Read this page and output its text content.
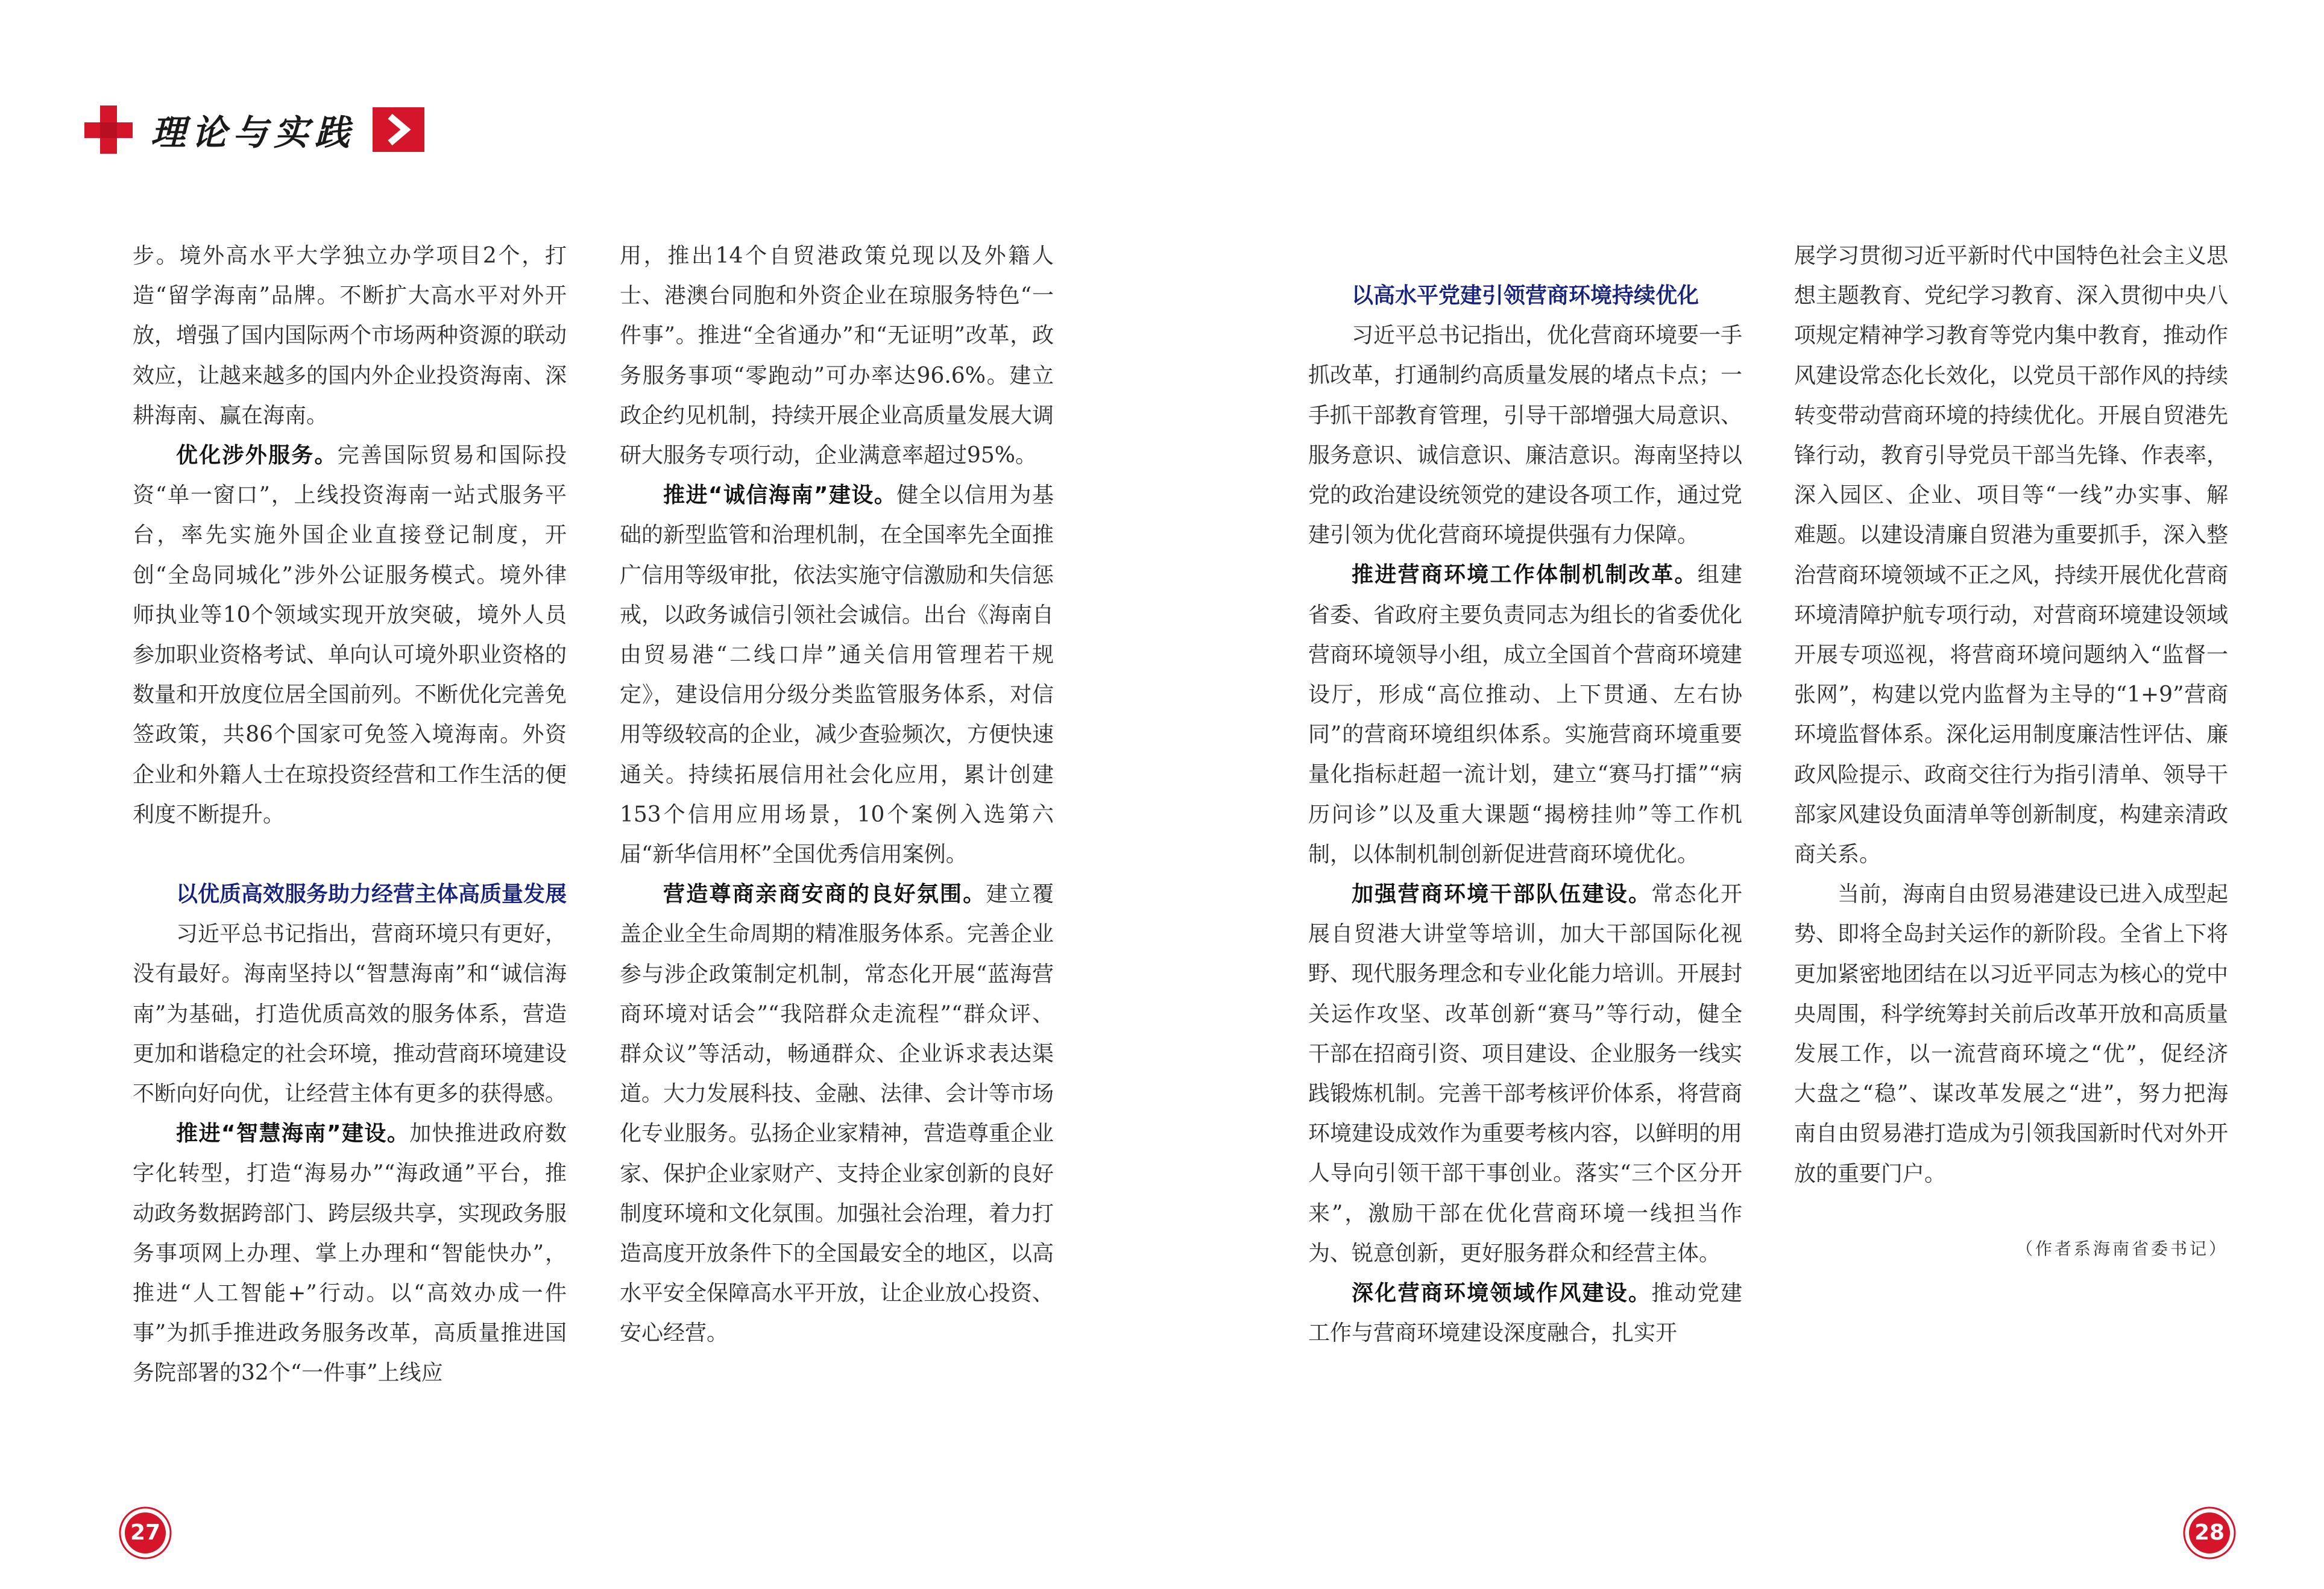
理论与实践

步。境外高水平大学独立办学项目2个，打造“留学海南”品牌。不断扩大高水平对外开放，增强了国内国际两个市场两种资源的联动效应，让越来越多的国内外企业投资海南、深耕海南、赢在海南。

优化涉外服务。完善国际贸易和国际投资“单一窗口”，上线投资海南一站式服务平台，率先实施外国企业直接登记制度，开创“全岛同城化”涉外公证服务模式。境外律师执业等10个领域实现开放突破，境外人员参加职业资格考试、单向认可境外职业资格的数量和开放度位居全国前列。不断优化完善免签政策，共86个国家可免签入境海南。外资企业和外籍人士在琼投资经营和工作生活的便利度不断提升。

以优质高效服务助力经营主体高质量发展

习近平总书记指出，营商环境只有更好，没有最好。海南坚持以“智慧海南”和“诚信海南”为基础，打造优质高效的服务体系，营造更加和谐稳定的社会环境，推动营商环境建设不断向好向优，让经营主体有更多的获得感。

推进“智慧海南”建设。加快推进政府数字化转型，打造“海易办”“海政通”平台，推动政务数据跨部门、跨层级共享，实现政务服务事项网上办理、掌上办理和“智能快办”，推进“人工智能+”行动。以“高效办成一件事”为抓手推进政务服务改革，高质量推进国务院部署的32个“一件事”上线应

用，推出14个自贸港政策兑现以及外籍人士、港澳台同胞和外资企业在琼服务特色“一件事”。推进“全省通办”和“无证明”改革，政务服务事项“零跑动”可办率达96.6%。建立政企约见机制，持续开展企业高质量发展大调研大服务专项行动，企业满意率超过95%。

推进“诚信海南”建设。健全以信用为基础的新型监管和治理机制，在全国率先全面推广信用等级审批，依法实施守信激励和失信惩戒，以政务诚信引领社会诚信。出台《海南自由贸易港“二线口岸”通关信用管理若干规定》，建设信用分级分类监管服务体系，对信用等级较高的企业，减少查验频次，方便快速通关。持续拓展信用社会化应用，累计创建153个信用应用场景，10个案例入选第六届“新华信用杯”全国优秀信用案例。

营造尊商亲商安商的良好氛围。建立覆盖企业全生命周期的精准服务体系。完善企业参与涉企政策制定机制，常态化开展“蓝海营商环境对话会”“我陪群众走流程”“群众评、群众议”等活动，畅通群众、企业诉求表达渠道。大力发展科技、金融、法律、会计等市场化专业服务。弘扬企业家精神，营造尊重企业家、保护企业家财产、支持企业家创新的良好制度环境和文化氛围。加强社会治理，着力打造高度开放条件下的全国最安全的地区，以高水平安全保障高水平开放，让企业放心投资、安心经营。

以高水平党建引领营商环境持续优化

习近平总书记指出，优化营商环境要一手抓改革，打通制约高质量发展的堵点卡点；一手抓干部教育管理，引导干部增强大局意识、服务意识、诚信意识、廉洁意识。海南坚持以党的政治建设统领党的建设各项工作，通过党建引领为优化营商环境提供强有力保障。

推进营商环境工作体制机制改革。组建省委、省政府主要负责同志为组长的省委优化营商环境领导小组，成立全国首个营商环境建设厅，形成“高位推动、上下贯通、左右协同”的营商环境组织体系。实施营商环境重要量化指标赶超一流计划，建立“赛马打擂”“病历问诊”以及重大课题“揭榜挂帅”等工作机制，以体制机制创新促进营商环境优化。

加强营商环境干部队伍建设。常态化开展自贸港大讲堂等培训，加大干部国际化视野、现代服务理念和专业化能力培训。开展封关运作攻坚、改革创新“赛马”等行动，健全干部在招商引资、项目建设、企业服务一线实践锻炼机制。完善干部考核评价体系，将营商环境建设成效作为重要考核内容，以鲜明的用人导向引领干部干事创业。落实“三个区分开来”，激励干部在优化营商环境一线担当作为、锐意创新，更好服务群众和经营主体。

深化营商环境领域作风建设。推动党建工作与营商环境建设深度融合，扎实开

展学习贯彻习近平新时代中国特色社会主义思想主题教育、党纪学习教育、深入贯彻中央八项规定精神学习教育等党内集中教育，推动作风建设常态化长效化，以党员干部作风的持续转变带动营商环境的持续优化。开展自贸港先锋行动，教育引导党员干部当先锋、作表率，深入园区、企业、项目等“一线”办实事、解难题。以建设清廉自贸港为重要抓手，深入整治营商环境领域不正之风，持续开展优化营商环境清障护航专项行动，对营商环境建设领域开展专项巡视，将营商环境问题纳入“监督一张网”，构建以党内监督为主导的“1+9”营商环境监督体系。深化运用制度廉洁性评估、廉政风险提示、政商交往行为指引清单、领导干部家风建设负面清单等创新制度，构建亲清政商关系。

当前，海南自由贸易港建设已进入成型起势、即将全岛封关运作的新阶段。全省上下将更加紧密地团结在以习近平同志为核心的党中央周围，科学统筹封关前后改革开放和高质量发展工作，以一流营商环境之“优”，促经济大盘之“稳”、谋改革发展之“进”，努力把海南自由贸易港打造成为引领我国新时代对外开放的重要门户。

（作者系海南省委书记）
27	28
